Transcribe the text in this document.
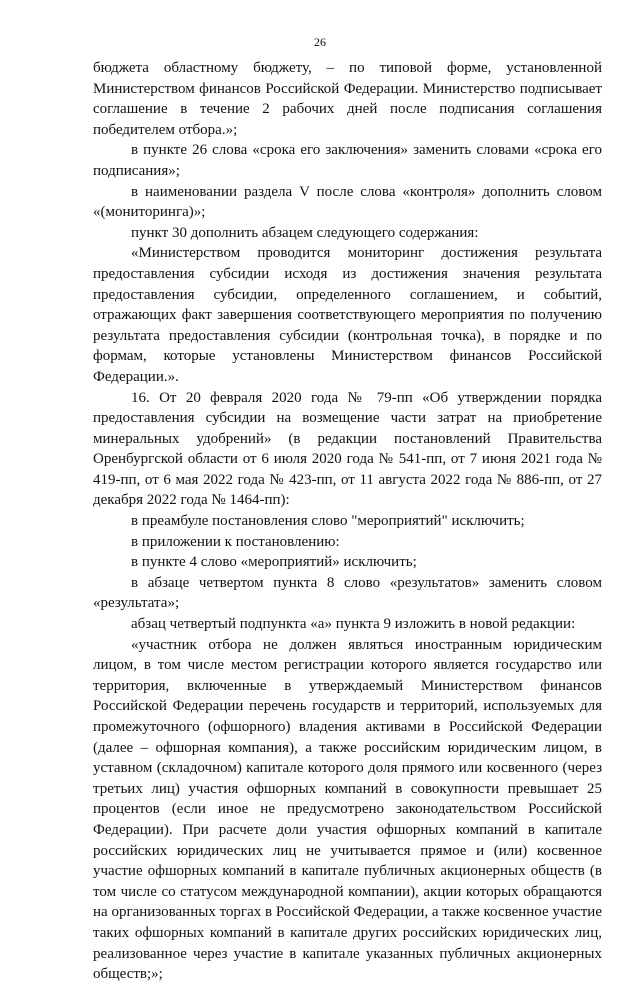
26

бюджета областному бюджету, – по типовой форме, установленной Министерством финансов Российской Федерации. Министерство подписывает соглашение в течение 2 рабочих дней после подписания соглашения победителем отбора.»;

в пункте 26 слова «срока его заключения» заменить словами «срока его подписания»;

в наименовании раздела V после слова «контроля» дополнить словом «(мониторинга)»;

пункт 30 дополнить абзацем следующего содержания:

«Министерством проводится мониторинг достижения результата предоставления субсидии исходя из достижения значения результата предоставления субсидии, определенного соглашением, и событий, отражающих факт завершения соответствующего мероприятия по получению результата предоставления субсидии (контрольная точка), в порядке и по формам, которые установлены Министерством финансов Российской Федерации.».

16. От 20 февраля 2020 года № 79-пп «Об утверждении порядка предоставления субсидии на возмещение части затрат на приобретение минеральных удобрений» (в редакции постановлений Правительства Оренбургской области от 6 июля 2020 года № 541-пп, от 7 июня 2021 года № 419-пп, от 6 мая 2022 года № 423-пп, от 11 августа 2022 года № 886-пп, от 27 декабря 2022 года № 1464-пп):

в преамбуле постановления слово "мероприятий" исключить;

в приложении к постановлению:

в пункте 4 слово «мероприятий» исключить;

в абзаце четвертом пункта 8 слово «результатов» заменить словом «результата»;

абзац четвертый подпункта «а» пункта 9 изложить в новой редакции:

«участник отбора не должен являться иностранным юридическим лицом, в том числе местом регистрации которого является государство или территория, включенные в утверждаемый Министерством финансов Российской Федерации перечень государств и территорий, используемых для промежуточного (офшорного) владения активами в Российской Федерации (далее – офшорная компания), а также российским юридическим лицом, в уставном (складочном) капитале которого доля прямого или косвенного (через третьих лиц) участия офшорных компаний в совокупности превышает 25 процентов (если иное не предусмотрено законодательством Российской Федерации). При расчете доли участия офшорных компаний в капитале российских юридических лиц не учитывается прямое и (или) косвенное участие офшорных компаний в капитале публичных акционерных обществ (в том числе со статусом международной компании), акции которых обращаются на организованных торгах в Российской Федерации, а также косвенное участие таких офшорных компаний в капитале других российских юридических лиц, реализованное через участие в капитале указанных публичных акционерных обществ;»;
